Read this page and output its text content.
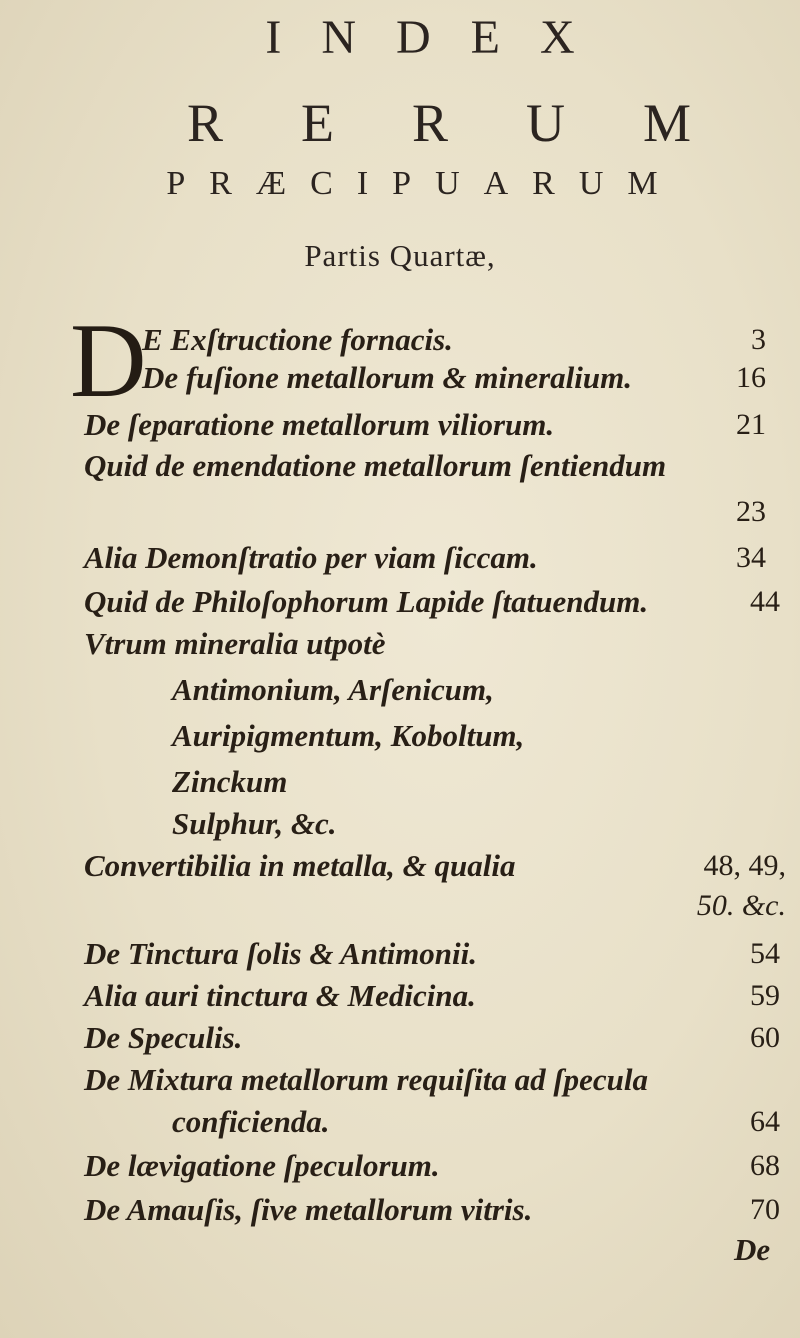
INDEX
RERUM
PRÆCIPUARUM
Partis Quartæ,
D
E Exſtructione fornacis.	3
De fuſione metallorum & mineralium.	16
De ſeparatione metallorum viliorum.	21
Quid de emendatione metallorum ſentiendum
23
Alia Demonſtratio per viam ſiccam.	34
Quid de Philoſophorum Lapide ſtatuendum.	44
Vtrum mineralia utpotè
Antimonium, Arſenicum,
Auripigmentum, Koboltum,
Zinckum
Sulphur, &c.
Convertibilia in metalla, & qualia	48, 49,
50. &c.
De Tinctura ſolis & Antimonii.	54
Alia auri tinctura & Medicina.	59
De Speculis.	60
De Mixtura metallorum requiſita ad ſpecula
conficienda.	64
De lævigatione ſpeculorum.	68
De Amauſis, ſive metallorum vitris.	70
De
